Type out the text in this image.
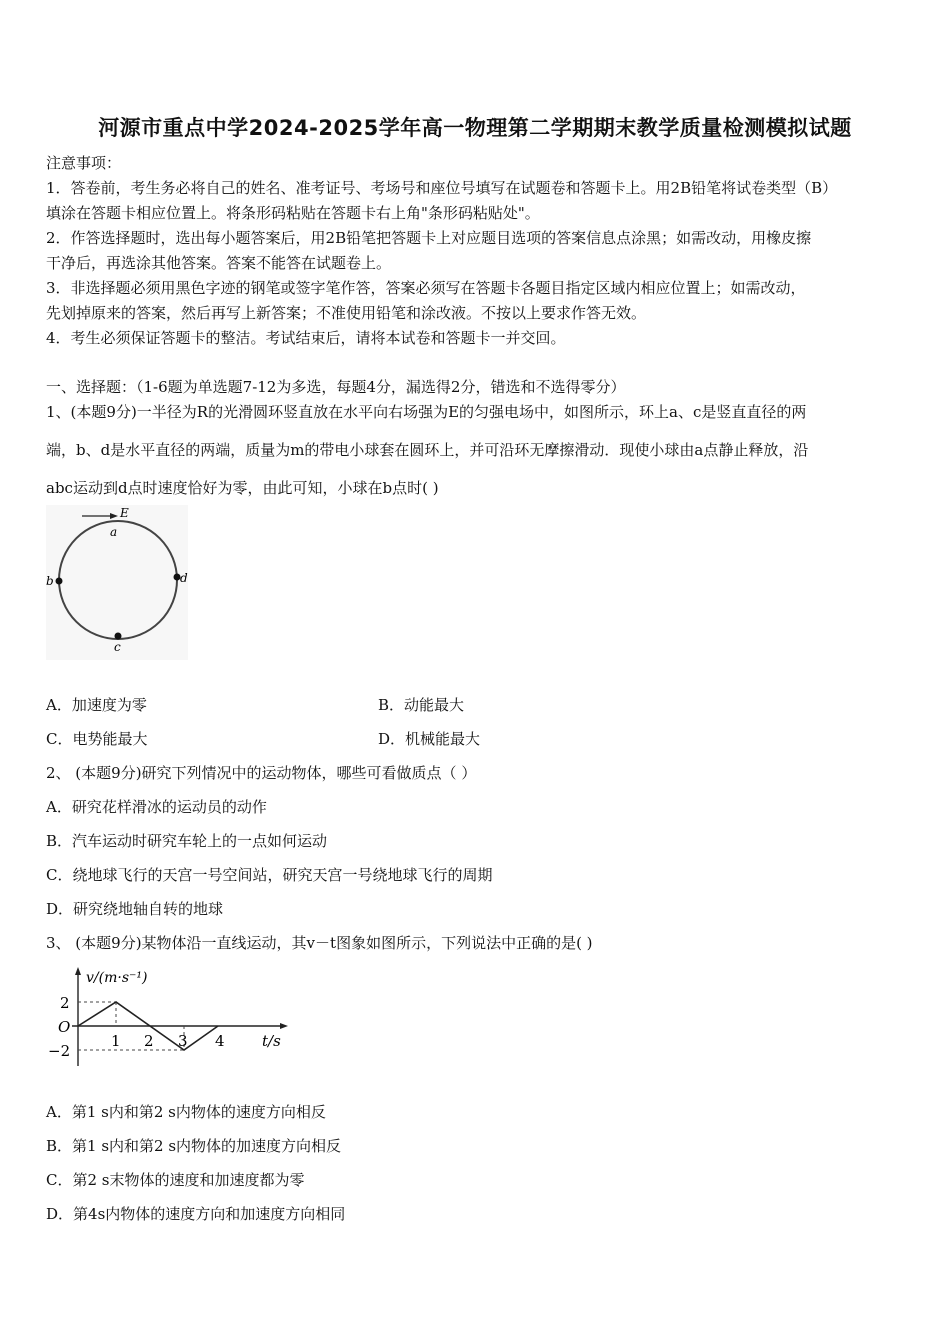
河源市重点中学2024-2025学年高一物理第二学期期末教学质量检测模拟试题
注意事项：
1．答卷前，考生务必将自己的姓名、准考证号、考场号和座位号填写在试题卷和答题卡上。用2B铅笔将试卷类型（B）
填涂在答题卡相应位置上。将条形码粘贴在答题卡右上角"条形码粘贴处"。
2．作答选择题时，选出每小题答案后，用2B铅笔把答题卡上对应题目选项的答案信息点涂黑；如需改动，用橡皮擦
干净后，再选涂其他答案。答案不能答在试题卷上。
3．非选择题必须用黑色字迹的钢笔或签字笔作答，答案必须写在答题卡各题目指定区域内相应位置上；如需改动，
先划掉原来的答案，然后再写上新答案；不准使用铅笔和涂改液。不按以上要求作答无效。
4．考生必须保证答题卡的整洁。考试结束后，请将本试卷和答题卡一并交回。
一、选择题：（1-6题为单选题7-12为多选，每题4分，漏选得2分，错选和不选得零分）
1、(本题9分)一半径为R的光滑圆环竖直放在水平向右场强为E的匀强电场中，如图所示，环上a、c是竖直直径的两
端，b、d是水平直径的两端，质量为m的带电小球套在圆环上，并可沿环无摩擦滑动．现使小球由a点静止释放，沿
abc运动到d点时速度恰好为零，由此可知，小球在b点时( )
E
a
b	d
c
A．加速度为零	B．动能最大
C．电势能最大	D．机械能最大
2、 (本题9分)研究下列情况中的运动物体，哪些可看做质点（ ）
A．研究花样滑冰的运动员的动作
B．汽车运动时研究车轮上的一点如何运动
C．绕地球飞行的天宫一号空间站，研究天宫一号绕地球飞行的周期
D．研究绕地轴自转的地球
3、 (本题9分)某物体沿一直线运动，其v－t图象如图所示，下列说法中正确的是( )
v/(m·s⁻¹)
2
O
−2
1 2 3 4 t/s
A．第1 s内和第2 s内物体的速度方向相反
B．第1 s内和第2 s内物体的加速度方向相反
C．第2 s末物体的速度和加速度都为零
D．第4s内物体的速度方向和加速度方向相同
